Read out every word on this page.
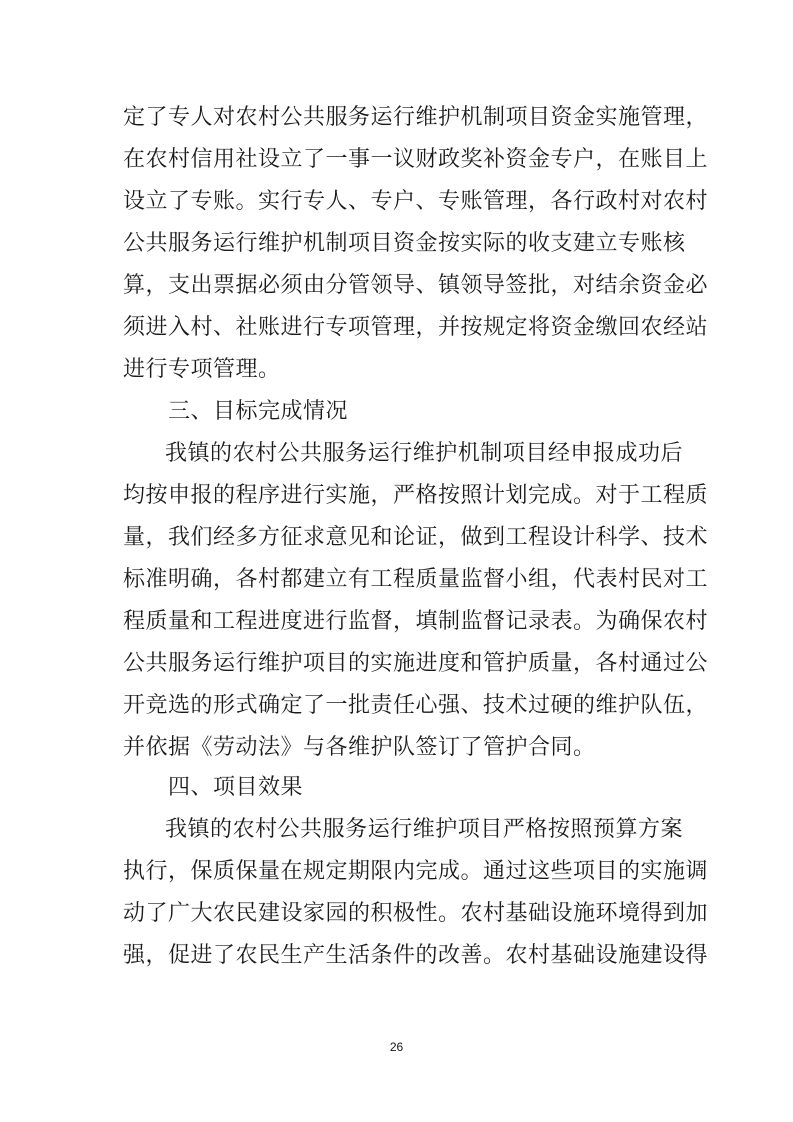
定了专人对农村公共服务运行维护机制项目资金实施管理，
在农村信用社设立了一事一议财政奖补资金专户，在账目上
设立了专账。实行专人、专户、专账管理，各行政村对农村
公共服务运行维护机制项目资金按实际的收支建立专账核
算，支出票据必须由分管领导、镇领导签批，对结余资金必
须进入村、社账进行专项管理，并按规定将资金缴回农经站
进行专项管理。
三、目标完成情况
我镇的农村公共服务运行维护机制项目经申报成功后
均按申报的程序进行实施，严格按照计划完成。对于工程质
量，我们经多方征求意见和论证，做到工程设计科学、技术
标准明确，各村都建立有工程质量监督小组，代表村民对工
程质量和工程进度进行监督，填制监督记录表。为确保农村
公共服务运行维护项目的实施进度和管护质量，各村通过公
开竞选的形式确定了一批责任心强、技术过硬的维护队伍，
并依据《劳动法》与各维护队签订了管护合同。
四、项目效果
我镇的农村公共服务运行维护项目严格按照预算方案
执行，保质保量在规定期限内完成。通过这些项目的实施调
动了广大农民建设家园的积极性。农村基础设施环境得到加
强，促进了农民生产生活条件的改善。农村基础设施建设得
26
